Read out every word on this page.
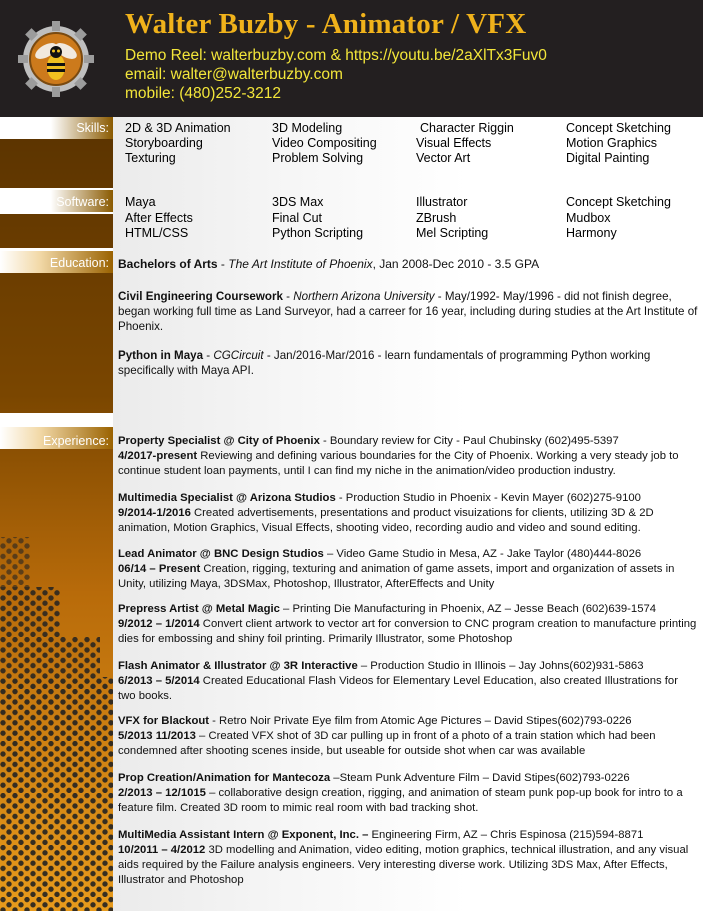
Walter Buzby - Animator / VFX
Demo Reel: walterbuzby.com & https://youtu.be/2aXlTx3Fuv0
email: walter@walterbuzby.com
mobile: (480)252-3212
Skills:
Software:
Education:
Experience:
2D & 3D Animation	3D Modeling	Character Riggin	Concept Sketching
Storyboarding	Video Compositing	Visual Effects	Motion Graphics
Texturing	Problem Solving	Vector Art	Digital Painting
Maya	3DS Max	Illustrator	Concept Sketching
After Effects	Final Cut	ZBrush	Mudbox
HTML/CSS	Python Scripting	Mel Scripting	Harmony
Bachelors of Arts - The Art Institute of Phoenix, Jan 2008-Dec 2010 - 3.5 GPA
Civil Engineering Coursework - Northern Arizona University - May/1992- May/1996 - did not finish degree, began working full time as Land Surveyor, had a carreer for 16 year, including during studies at the Art Institute of Phoenix.
Python in Maya - CGCircuit - Jan/2016-Mar/2016 - learn fundamentals of programming Python working specifically with Maya API.
Property Specialist @ City of Phoenix - Boundary review for City - Paul Chubinsky (602)495-5397
4/2017-present Reviewing and defining various boundaries for the City of Phoenix. Working a very steady job to continue student loan payments, until I can find my niche in the animation/video production industry.
Multimedia Specialist @ Arizona Studios - Production Studio in Phoenix - Kevin Mayer (602)275-9100
9/2014-1/2016 Created advertisements, presentations and product visuizations for clients, utilizing 3D & 2D animation, Motion Graphics, Visual Effects, shooting video, recording audio and video and sound editing.
Lead Animator @ BNC Design Studios – Video Game Studio in Mesa, AZ - Jake Taylor (480)444-8026
06/14 – Present Creation, rigging, texturing and animation of game assets, import and organization of assets in Unity, utilizing Maya, 3DSMax, Photoshop, Illustrator, AfterEffects and Unity
Prepress Artist @ Metal Magic – Printing Die Manufacturing in Phoenix, AZ – Jesse Beach (602)639-1574
9/2012 – 1/2014 Convert client artwork to vector art for conversion to CNC program creation to manufacture printing dies for embossing and shiny foil printing. Primarily Illustrator, some Photoshop
Flash Animator & Illustrator @ 3R Interactive – Production Studio in Illinois – Jay Johns(602)931-5863
6/2013 – 5/2014 Created Educational Flash Videos for Elementary Level Education, also created Illustrations for two books.
VFX for Blackout - Retro Noir Private Eye film from Atomic Age Pictures – David Stipes(602)793-0226
5/2013 11/2013 – Created VFX shot of 3D car pulling up in front of a photo of a train station which had been condemned after shooting scenes inside, but useable for outside shot when car was available
Prop Creation/Animation for Mantecoza –Steam Punk Adventure Film – David Stipes(602)793-0226
2/2013 – 12/1015 – collaborative design creation, rigging, and animation of steam punk pop-up book for intro to a feature film. Created 3D room to mimic real room with bad tracking shot.
MultiMedia Assistant Intern @ Exponent, Inc. – Engineering Firm, AZ – Chris Espinosa (215)594-8871
10/2011 – 4/2012 3D modelling and Animation, video editing, motion graphics, technical illustration, and any visual aids required by the Failure analysis engineers. Very interesting diverse work. Utilizing 3DS Max, After Effects, Illustrator and Photoshop
